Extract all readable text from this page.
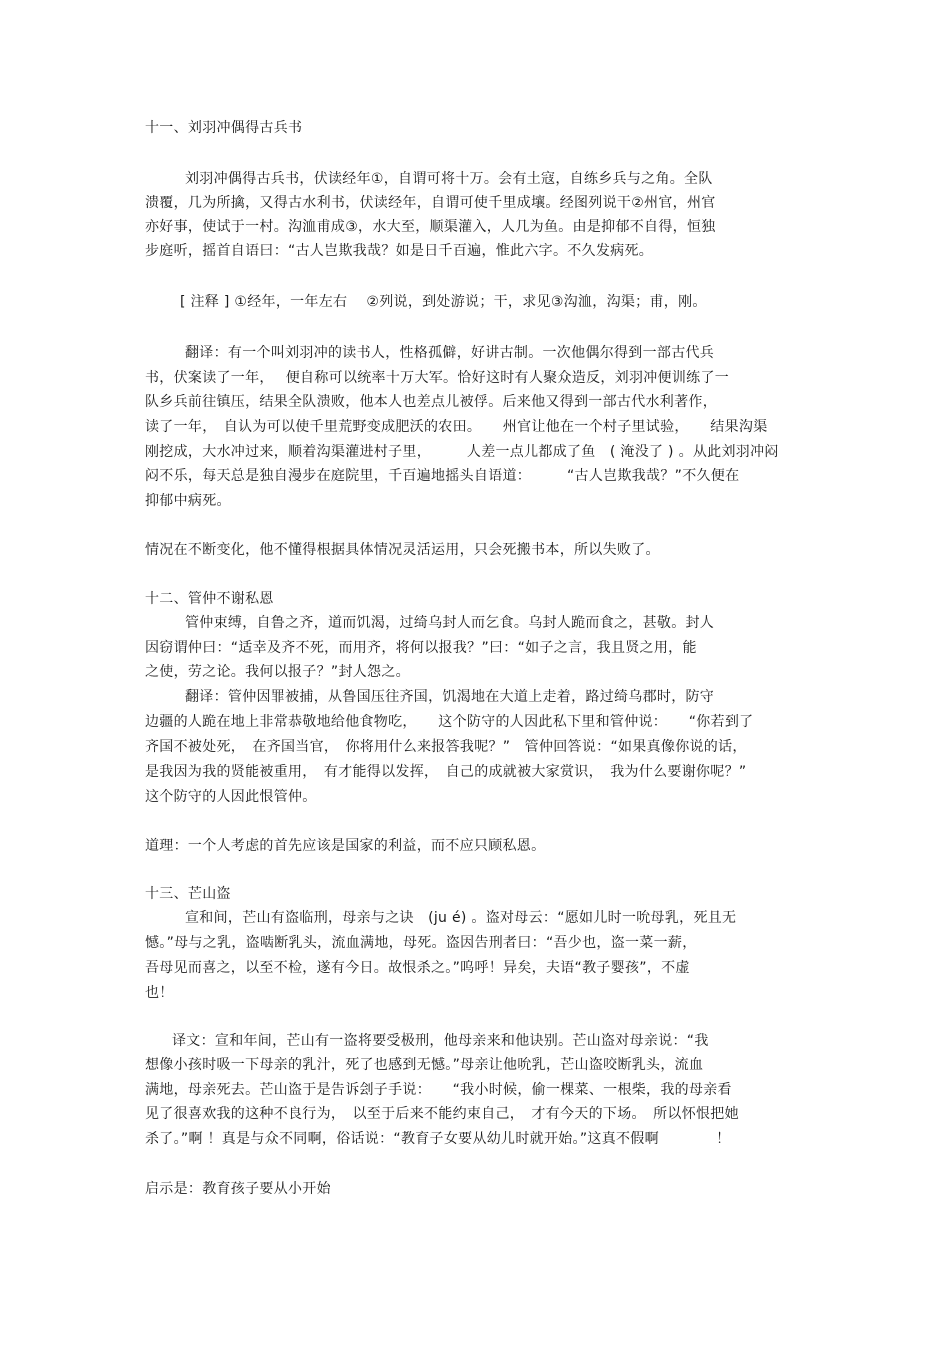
十一、刘羽冲偶得古兵书
刘羽冲偶得古兵书，伏读经年①，自谓可将十万。会有土寇，自练乡兵与之角。全队
溃覆，几为所擒，又得古水利书，伏读经年，自谓可使千里成壤。经图列说干②州官，州官
亦好事，使试于一村。沟洫甫成③，水大至，顺渠灌入，人几为鱼。由是抑郁不自得，恒独
步庭听，摇首自语曰：“古人岂欺我哉？如是日千百遍，惟此六字。不久发病死。
[ 注释 ] ①经年，一年左右　 ②列说，到处游说；干，求见③沟洫，沟渠；甫，刚。
翻译：有一个叫刘羽冲的读书人，性格孤僻，好讲古制。一次他偶尔得到一部古代兵
书，伏案读了一年，　 便自称可以统率十万大军。恰好这时有人聚众造反，刘羽冲便训练了一
队乡兵前往镇压，结果全队溃败，他本人也差点儿被俘。后来他又得到一部古代水利著作，
读了一年，　自认为可以使千里荒野变成肥沃的农田。　　州官让他在一个村子里试验，　　结果沟渠
刚挖成，大水冲过来，顺着沟渠灌进村子里，　　　人差一点儿都成了鱼　( 淹没了 ) 。从此刘羽冲闷
闷不乐，每天总是独自漫步在庭院里，千百遍地摇头自语道：　　　“古人岂欺我哉？”不久便在
抑郁中病死。
情况在不断变化，他不懂得根据具体情况灵活运用，只会死搬书本，所以失败了。
十二、管仲不谢私恩
管仲束缚，自鲁之齐，道而饥渴，过绮乌封人而乞食。乌封人跪而食之，甚敬。封人
因窃谓仲曰：“适幸及齐不死，而用齐，将何以报我？”曰：“如子之言，我且贤之用，能
之使，劳之论。我何以报子？”封人怨之。
翻译：管仲因罪被捕，从鲁国压往齐国，饥渴地在大道上走着，路过绮乌郡时，防守
边疆的人跪在地上非常恭敬地给他食物吃，　　这个防守的人因此私下里和管仲说：　　“你若到了
齐国不被处死，　在齐国当官，　你将用什么来报答我呢？”　管仲回答说：“如果真像你说的话，
是我因为我的贤能被重用，　有才能得以发挥，　自己的成就被大家赏识，　我为什么要谢你呢？”
这个防守的人因此恨管仲。
道理：一个人考虑的首先应该是国家的利益，而不应只顾私恩。
十三、芒山盗
宣和间，芒山有盗临刑，母亲与之诀　(ju é) 。盗对母云：“愿如儿时一吮母乳，死且无
憾。”母与之乳，盗啮断乳头，流血满地，母死。盗因告刑者曰：“吾少也，盗一菜一薪，
吾母见而喜之，以至不检，遂有今日。故恨杀之。”呜呼！异矣，夫语“教子婴孩”，不虚
也！
译文：宣和年间，芒山有一盗将要受极刑，他母亲来和他诀别。芒山盗对母亲说：“我
想像小孩时吸一下母亲的乳汁，死了也感到无憾。”母亲让他吮乳，芒山盗咬断乳头，流血
满地，母亲死去。芒山盗于是告诉刽子手说：　　“我小时候，偷一棵菜、一根柴，我的母亲看
见了很喜欢我的这种不良行为，　以至于后来不能约束自己，　才有今天的下场。　所以怀恨把她
杀了。”啊 ！真是与众不同啊，俗话说：“教育子女要从幼儿时就开始。”这真不假啊　　　　！
启示是：教育孩子要从小开始
